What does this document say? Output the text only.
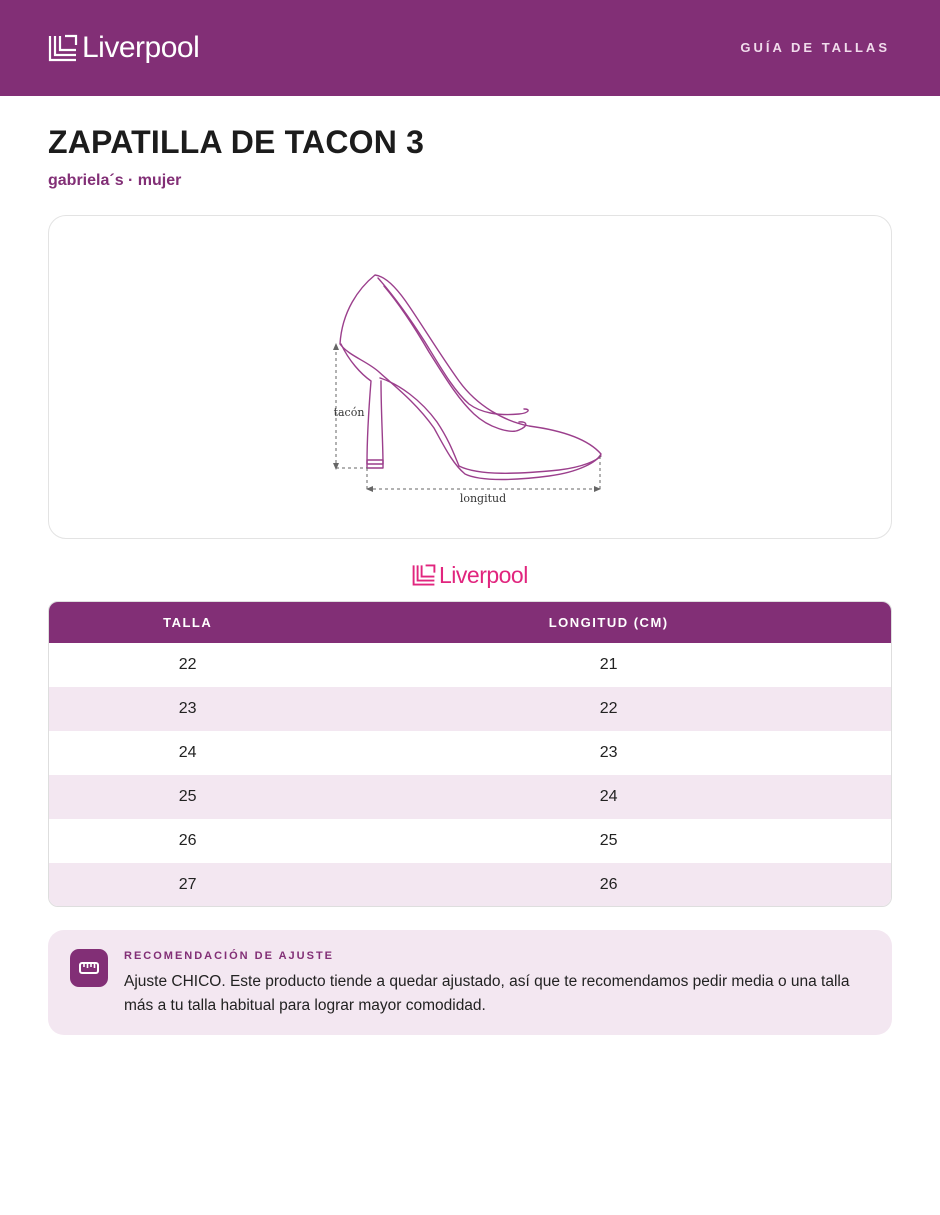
Liverpool	GUÍA DE TALLAS
ZAPATILLA DE TACON 3
gabriela´s · mujer
tacón
longitud
Liverpool
TALLA	LONGITUD (CM)
22	21
23	22
24	23
25	24
26	25
27	26
RECOMENDACIÓN DE AJUSTE
Ajuste CHICO. Este producto tiende a quedar ajustado, así que te recomendamos pedir media o una talla más a tu talla habitual para lograr mayor comodidad.
